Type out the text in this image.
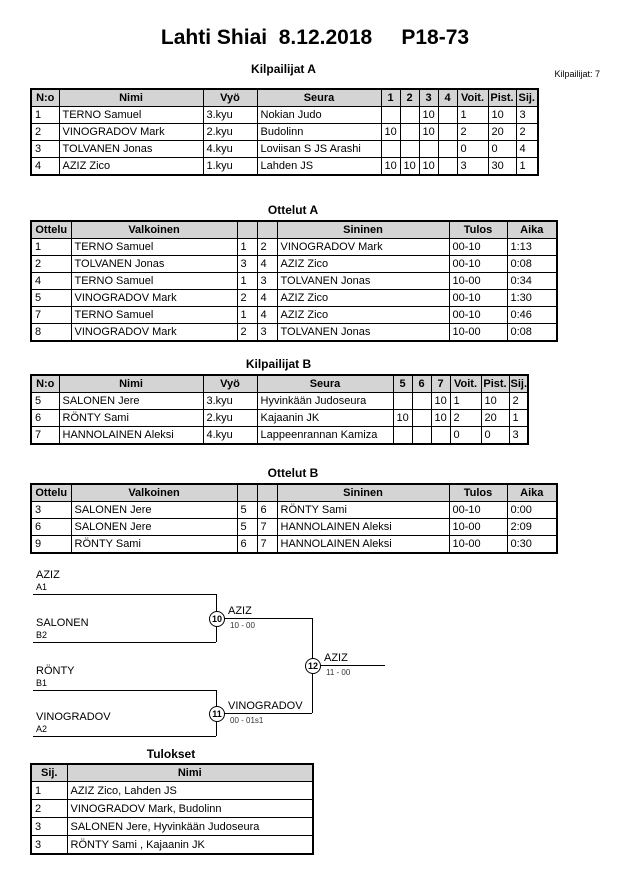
Lahti Shiai  8.12.2018     P18-73
Kilpailijat A	Kilpailijat: 7
N:o	Nimi	Vyö	Seura	1	2	3	4	Voit.	Pist.	Sij.
1	TERNO Samuel	3.kyu	Nokian Judo			10		1	10	3
2	VINOGRADOV Mark	2.kyu	Budolinn	10		10		2	20	2
3	TOLVANEN Jonas	4.kyu	Loviisan S JS Arashi					0	0	4
4	AZIZ Zico	1.kyu	Lahden JS	10	10	10		3	30	1
Ottelut A
Ottelu	Valkoinen			Sininen	Tulos	Aika
1	TERNO Samuel	1	2	VINOGRADOV Mark	00-10	1:13
2	TOLVANEN Jonas	3	4	AZIZ Zico	00-10	0:08
4	TERNO Samuel	1	3	TOLVANEN Jonas	10-00	0:34
5	VINOGRADOV Mark	2	4	AZIZ Zico	00-10	1:30
7	TERNO Samuel	1	4	AZIZ Zico	00-10	0:46
8	VINOGRADOV Mark	2	3	TOLVANEN Jonas	10-00	0:08
Kilpailijat B
N:o	Nimi	Vyö	Seura	5	6	7	Voit.	Pist.	Sij.
5	SALONEN Jere	3.kyu	Hyvinkään Judoseura			10	1	10	2
6	RÖNTY Sami	2.kyu	Kajaanin JK	10		10	2	20	1
7	HANNOLAINEN Aleksi	4.kyu	Lappeenrannan Kamiza				0	0	3
Ottelut B
Ottelu	Valkoinen			Sininen	Tulos	Aika
3	SALONEN Jere	5	6	RÖNTY Sami	00-10	0:00
6	SALONEN Jere	5	7	HANNOLAINEN Aleksi	10-00	2:09
9	RÖNTY Sami	6	7	HANNOLAINEN Aleksi	10-00	0:30
AZIZ
A1
SALONEN
B2
10
AZIZ
10 - 00
RÖNTY
B1
VINOGRADOV
A2
11
VINOGRADOV
00 - 01s1
12
AZIZ
11 - 00
Tulokset
Sij.	Nimi
1	AZIZ Zico, Lahden JS
2	VINOGRADOV Mark, Budolinn
3	SALONEN Jere, Hyvinkään Judoseura
3	RÖNTY Sami , Kajaanin JK
